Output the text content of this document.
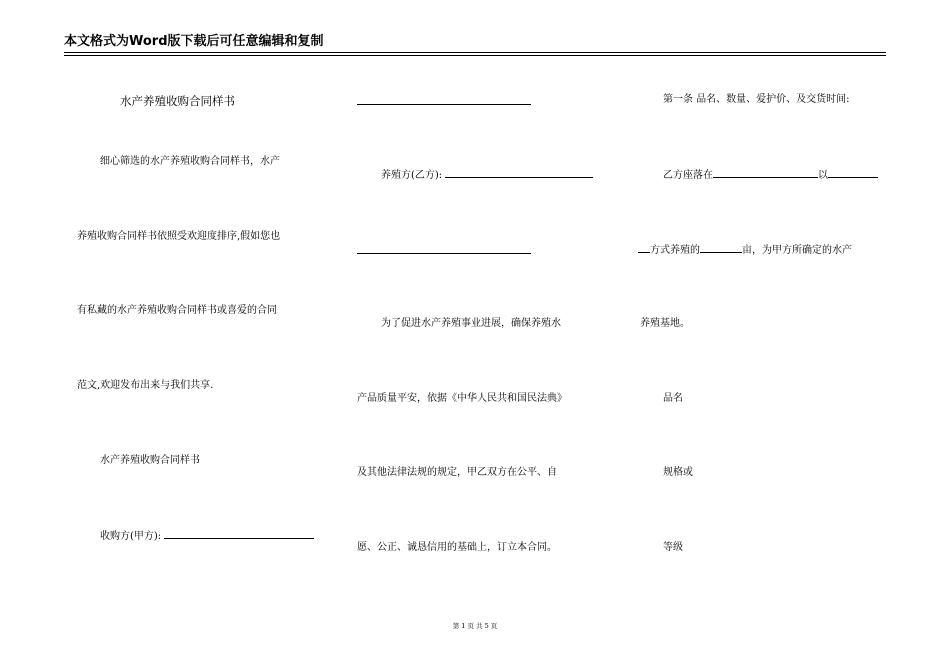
本文格式为Word版下载后可任意编辑和复制
水产养殖收购合同样书
细心筛选的水产养殖收购合同样书，水产
养殖收购合同样书依照受欢迎度排序,假如您也
有私藏的水产养殖收购合同样书或喜爱的合同
范文,欢迎发布出来与我们共享.
水产养殖收购合同样书
收购方(甲方):
养殖方(乙方):
为了促进水产养殖事业进展，确保养殖水
产品质量平安，依据《中华人民共和国民法典》
及其他法律法规的规定，甲乙双方在公平、自
愿、公正、诚恳信用的基础上，订立本合同。
第一条 品名、数量、爱护价、及交货时间:
乙方座落在	以
方式养殖的	亩，为甲方所确定的水产
养殖基地。
品名
规格或
等级
第 1 页 共 5 页
